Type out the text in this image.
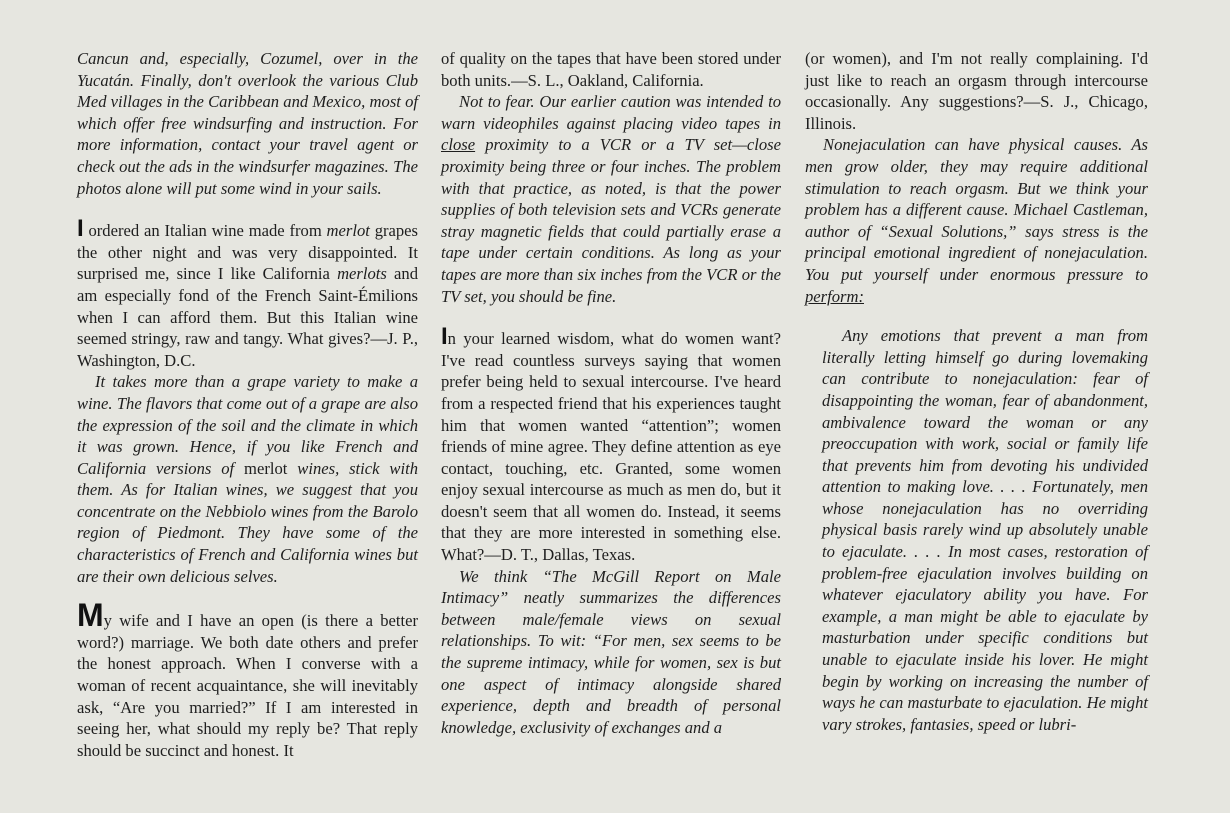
Cancun and, especially, Cozumel, over in the Yucatán. Finally, don't overlook the various Club Med villages in the Caribbean and Mexico, most of which offer free windsurfing and instruction. For more information, contact your travel agent or check out the ads in the windsurfer magazines. The photos alone will put some wind in your sails.

I ordered an Italian wine made from merlot grapes the other night and was very disappointed. It surprised me, since I like California merlots and am especially fond of the French Saint-Émilions when I can afford them. But this Italian wine seemed stringy, raw and tangy. What gives?—J. P., Washington, D.C.

It takes more than a grape variety to make a wine. The flavors that come out of a grape are also the expression of the soil and the climate in which it was grown. Hence, if you like French and California versions of merlot wines, stick with them. As for Italian wines, we suggest that you concentrate on the Nebbiolo wines from the Barolo region of Piedmont. They have some of the characteristics of French and California wines but are their own delicious selves.

My wife and I have an open (is there a better word?) marriage. We both date others and prefer the honest approach. When I converse with a woman of recent acquaintance, she will inevitably ask, “Are you married?” If I am interested in seeing her, what should my reply be? That reply should be succinct and honest. It

of quality on the tapes that have been stored under both units.—S. L., Oakland, California.

Not to fear. Our earlier caution was intended to warn videophiles against placing video tapes in close proximity to a VCR or a TV set—close proximity being three or four inches. The problem with that practice, as noted, is that the power supplies of both television sets and VCRs generate stray magnetic fields that could partially erase a tape under certain conditions. As long as your tapes are more than six inches from the VCR or the TV set, you should be fine.

In your learned wisdom, what do women want? I've read countless surveys saying that women prefer being held to sexual intercourse. I've heard from a respected friend that his experiences taught him that women wanted “attention”; women friends of mine agree. They define attention as eye contact, touching, etc. Granted, some women enjoy sexual intercourse as much as men do, but it doesn't seem that all women do. Instead, it seems that they are more interested in something else. What?—D. T., Dallas, Texas.

We think “The McGill Report on Male Intimacy” neatly summarizes the differences between male/female views on sexual relationships. To wit: “For men, sex seems to be the supreme intimacy, while for women, sex is but one aspect of intimacy alongside shared experience, depth and breadth of personal knowledge, exclusivity of exchanges and a

(or women), and I'm not really complaining. I'd just like to reach an orgasm through intercourse occasionally. Any suggestions?—S. J., Chicago, Illinois.

Nonejaculation can have physical causes. As men grow older, they may require additional stimulation to reach orgasm. But we think your problem has a different cause. Michael Castleman, author of “Sexual Solutions,” says stress is the principal emotional ingredient of nonejaculation. You put yourself under enormous pressure to perform:

Any emotions that prevent a man from literally letting himself go during lovemaking can contribute to nonejaculation: fear of disappointing the woman, fear of abandonment, ambivalence toward the woman or any preoccupation with work, social or family life that prevents him from devoting his undivided attention to making love. . . . Fortunately, men whose nonejaculation has no overriding physical basis rarely wind up absolutely unable to ejaculate. . . . In most cases, restoration of problem-free ejaculation involves building on whatever ejaculatory ability you have. For example, a man might be able to ejaculate by masturbation under specific conditions but unable to ejaculate inside his lover. He might begin by working on increasing the number of ways he can masturbate to ejaculation. He might vary strokes, fantasies, speed or lubri-
